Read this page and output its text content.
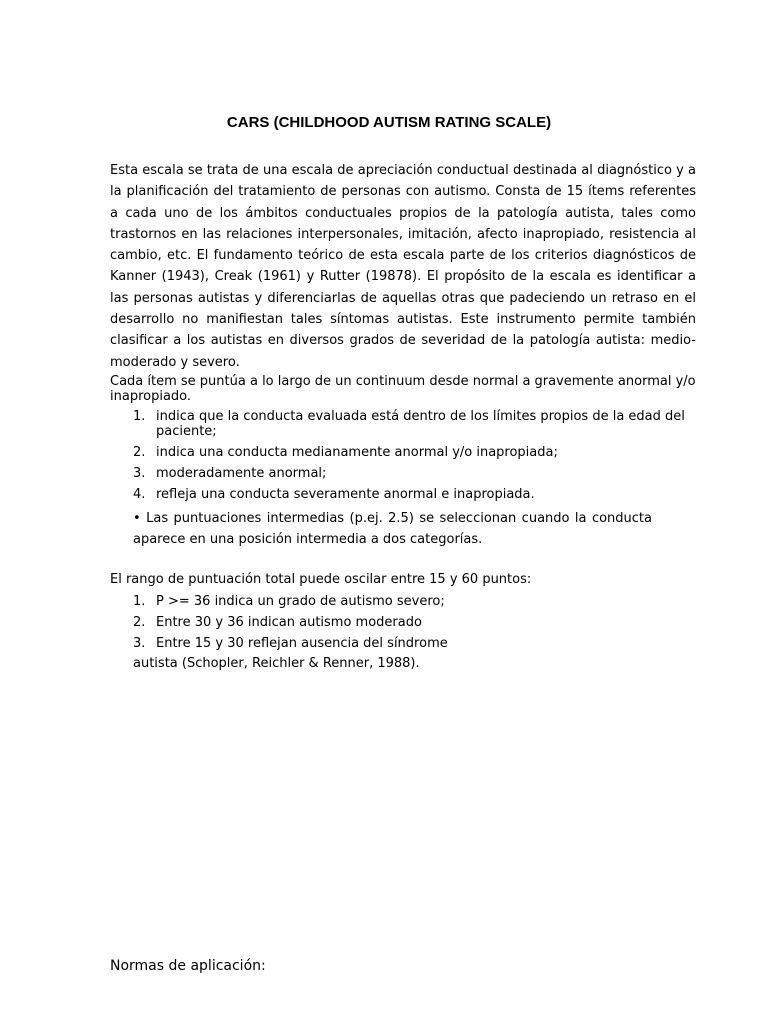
CARS (CHILDHOOD AUTISM RATING SCALE)

Esta escala se trata de una escala de apreciación conductual destinada al diagnóstico y a la planificación del tratamiento de personas con autismo. Consta de 15 ítems referentes a cada uno de los ámbitos conductuales propios de la patología autista, tales como trastornos en las relaciones interpersonales, imitación, afecto inapropiado, resistencia al cambio, etc. El fundamento teórico de esta escala parte de los criterios diagnósticos de Kanner (1943), Creak (1961) y Rutter (19878). El propósito de la escala es identificar a las personas autistas y diferenciarlas de aquellas otras que padeciendo un retraso en el desarrollo no manifiestan tales síntomas autistas. Este instrumento permite también clasificar a los autistas en diversos grados de severidad de la patología autista: medio-moderado y severo.

Cada ítem se puntúa a lo largo de un continuum desde normal a gravemente anormal y/o inapropiado.

1. indica que la conducta evaluada está dentro de los límites propios de la edad del paciente;
2. indica una conducta medianamente anormal y/o inapropiada;
3. moderadamente anormal;
4. refleja una conducta severamente anormal e inapropiada.

• Las puntuaciones intermedias (p.ej. 2.5) se seleccionan cuando la conducta aparece en una posición intermedia a dos categorías.

El rango de puntuación total puede oscilar entre 15 y 60 puntos:

1. P >= 36 indica un grado de autismo severo;
2. Entre 30 y 36 indican autismo moderado
3. Entre 15 y 30 reflejan ausencia del síndrome

autista (Schopler, Reichler & Renner, 1988).

Normas de aplicación:
